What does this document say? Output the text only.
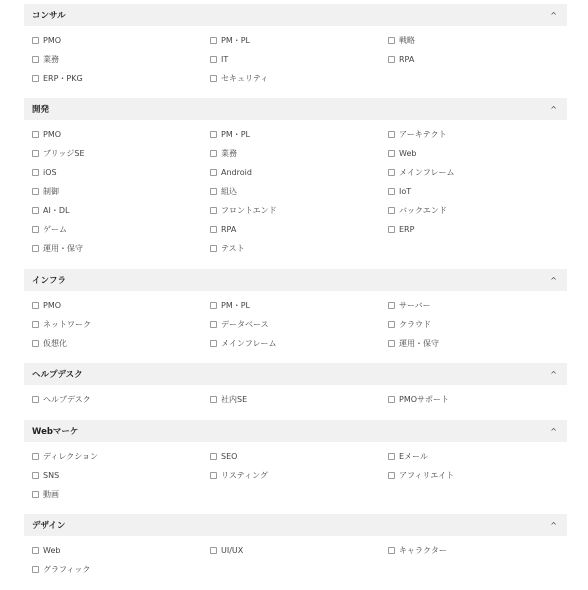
コンサル	^
PMO	PM・PL	戦略
業務	IT	RPA
ERP・PKG	セキュリティ
開発	^
PMO	PM・PL	アーキテクト
ブリッジSE	業務	Web
iOS	Android	メインフレーム
制御	組込	IoT
AI・DL	フロントエンド	バックエンド
ゲーム	RPA	ERP
運用・保守	テスト
インフラ	^
PMO	PM・PL	サーバー
ネットワーク	データベース	クラウド
仮想化	メインフレーム	運用・保守
ヘルプデスク	^
ヘルプデスク	社内SE	PMOサポート
Webマーケ	^
ディレクション	SEO	Eメール
SNS	リスティング	アフィリエイト
動画
デザイン	^
Web	UI/UX	キャラクター
グラフィック
